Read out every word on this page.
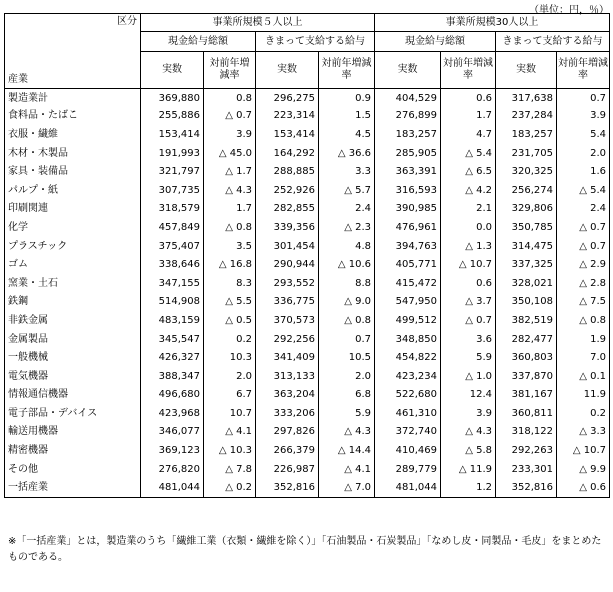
（単位：円，％）
区分	事業所規模５人以上				事業所規模30人以上			
産業	現金給与総額		きまって支給する給与		現金給与総額		きまって支給する給与	
	実数	対前年増減率	実数	対前年増減率	実数	対前年増減率	実数	対前年増減率
製造業計	369,880	0.8	296,275	0.9	404,529	0.6	317,638	0.7
食料品・たばこ	255,886	△ 0.7	223,314	1.5	276,899	1.7	237,284	3.9
衣服・繊維	153,414	3.9	153,414	4.5	183,257	4.7	183,257	5.4
木材・木製品	191,993	△ 45.0	164,292	△ 36.6	285,905	△ 5.4	231,705	2.0
家具・装備品	321,797	△ 1.7	288,885	3.3	363,391	△ 6.5	320,325	1.6
パルプ・紙	307,735	△ 4.3	252,926	△ 5.7	316,593	△ 4.2	256,274	△ 5.4
印刷関連	318,579	1.7	282,855	2.4	390,985	2.1	329,806	2.4
化学	457,849	△ 0.8	339,356	△ 2.3	476,961	0.0	350,785	△ 0.7
プラスチック	375,407	3.5	301,454	4.8	394,763	△ 1.3	314,475	△ 0.7
ゴム	338,646	△ 16.8	290,944	△ 10.6	405,771	△ 10.7	337,325	△ 2.9
窯業・土石	347,155	8.3	293,552	8.8	415,472	0.6	328,021	△ 2.8
鉄鋼	514,908	△ 5.5	336,775	△ 9.0	547,950	△ 3.7	350,108	△ 7.5
非鉄金属	483,159	△ 0.5	370,573	△ 0.8	499,512	△ 0.7	382,519	△ 0.8
金属製品	345,547	0.2	292,256	0.7	348,850	3.6	282,477	1.9
一般機械	426,327	10.3	341,409	10.5	454,822	5.9	360,803	7.0
電気機器	388,347	2.0	313,133	2.0	423,234	△ 1.0	337,870	△ 0.1
情報通信機器	496,680	6.7	363,204	6.8	522,680	12.4	381,167	11.9
電子部品・デバイス	423,968	10.7	333,206	5.9	461,310	3.9	360,811	0.2
輸送用機器	346,077	△ 4.1	297,826	△ 4.3	372,740	△ 4.3	318,122	△ 3.3
精密機器	369,123	△ 10.3	266,379	△ 14.4	410,469	△ 5.8	292,263	△ 10.7
その他	276,820	△ 7.8	226,987	△ 4.1	289,779	△ 11.9	233,301	△ 9.9
一括産業	481,044	△ 0.2	352,816	△ 7.0	481,044	1.2	352,816	△ 0.6
※「一括産業」とは，製造業のうち「繊維工業（衣類・繊維を除く）」「石油製品・石炭製品」「なめし皮・同製品・毛皮」をまとめたものである。
